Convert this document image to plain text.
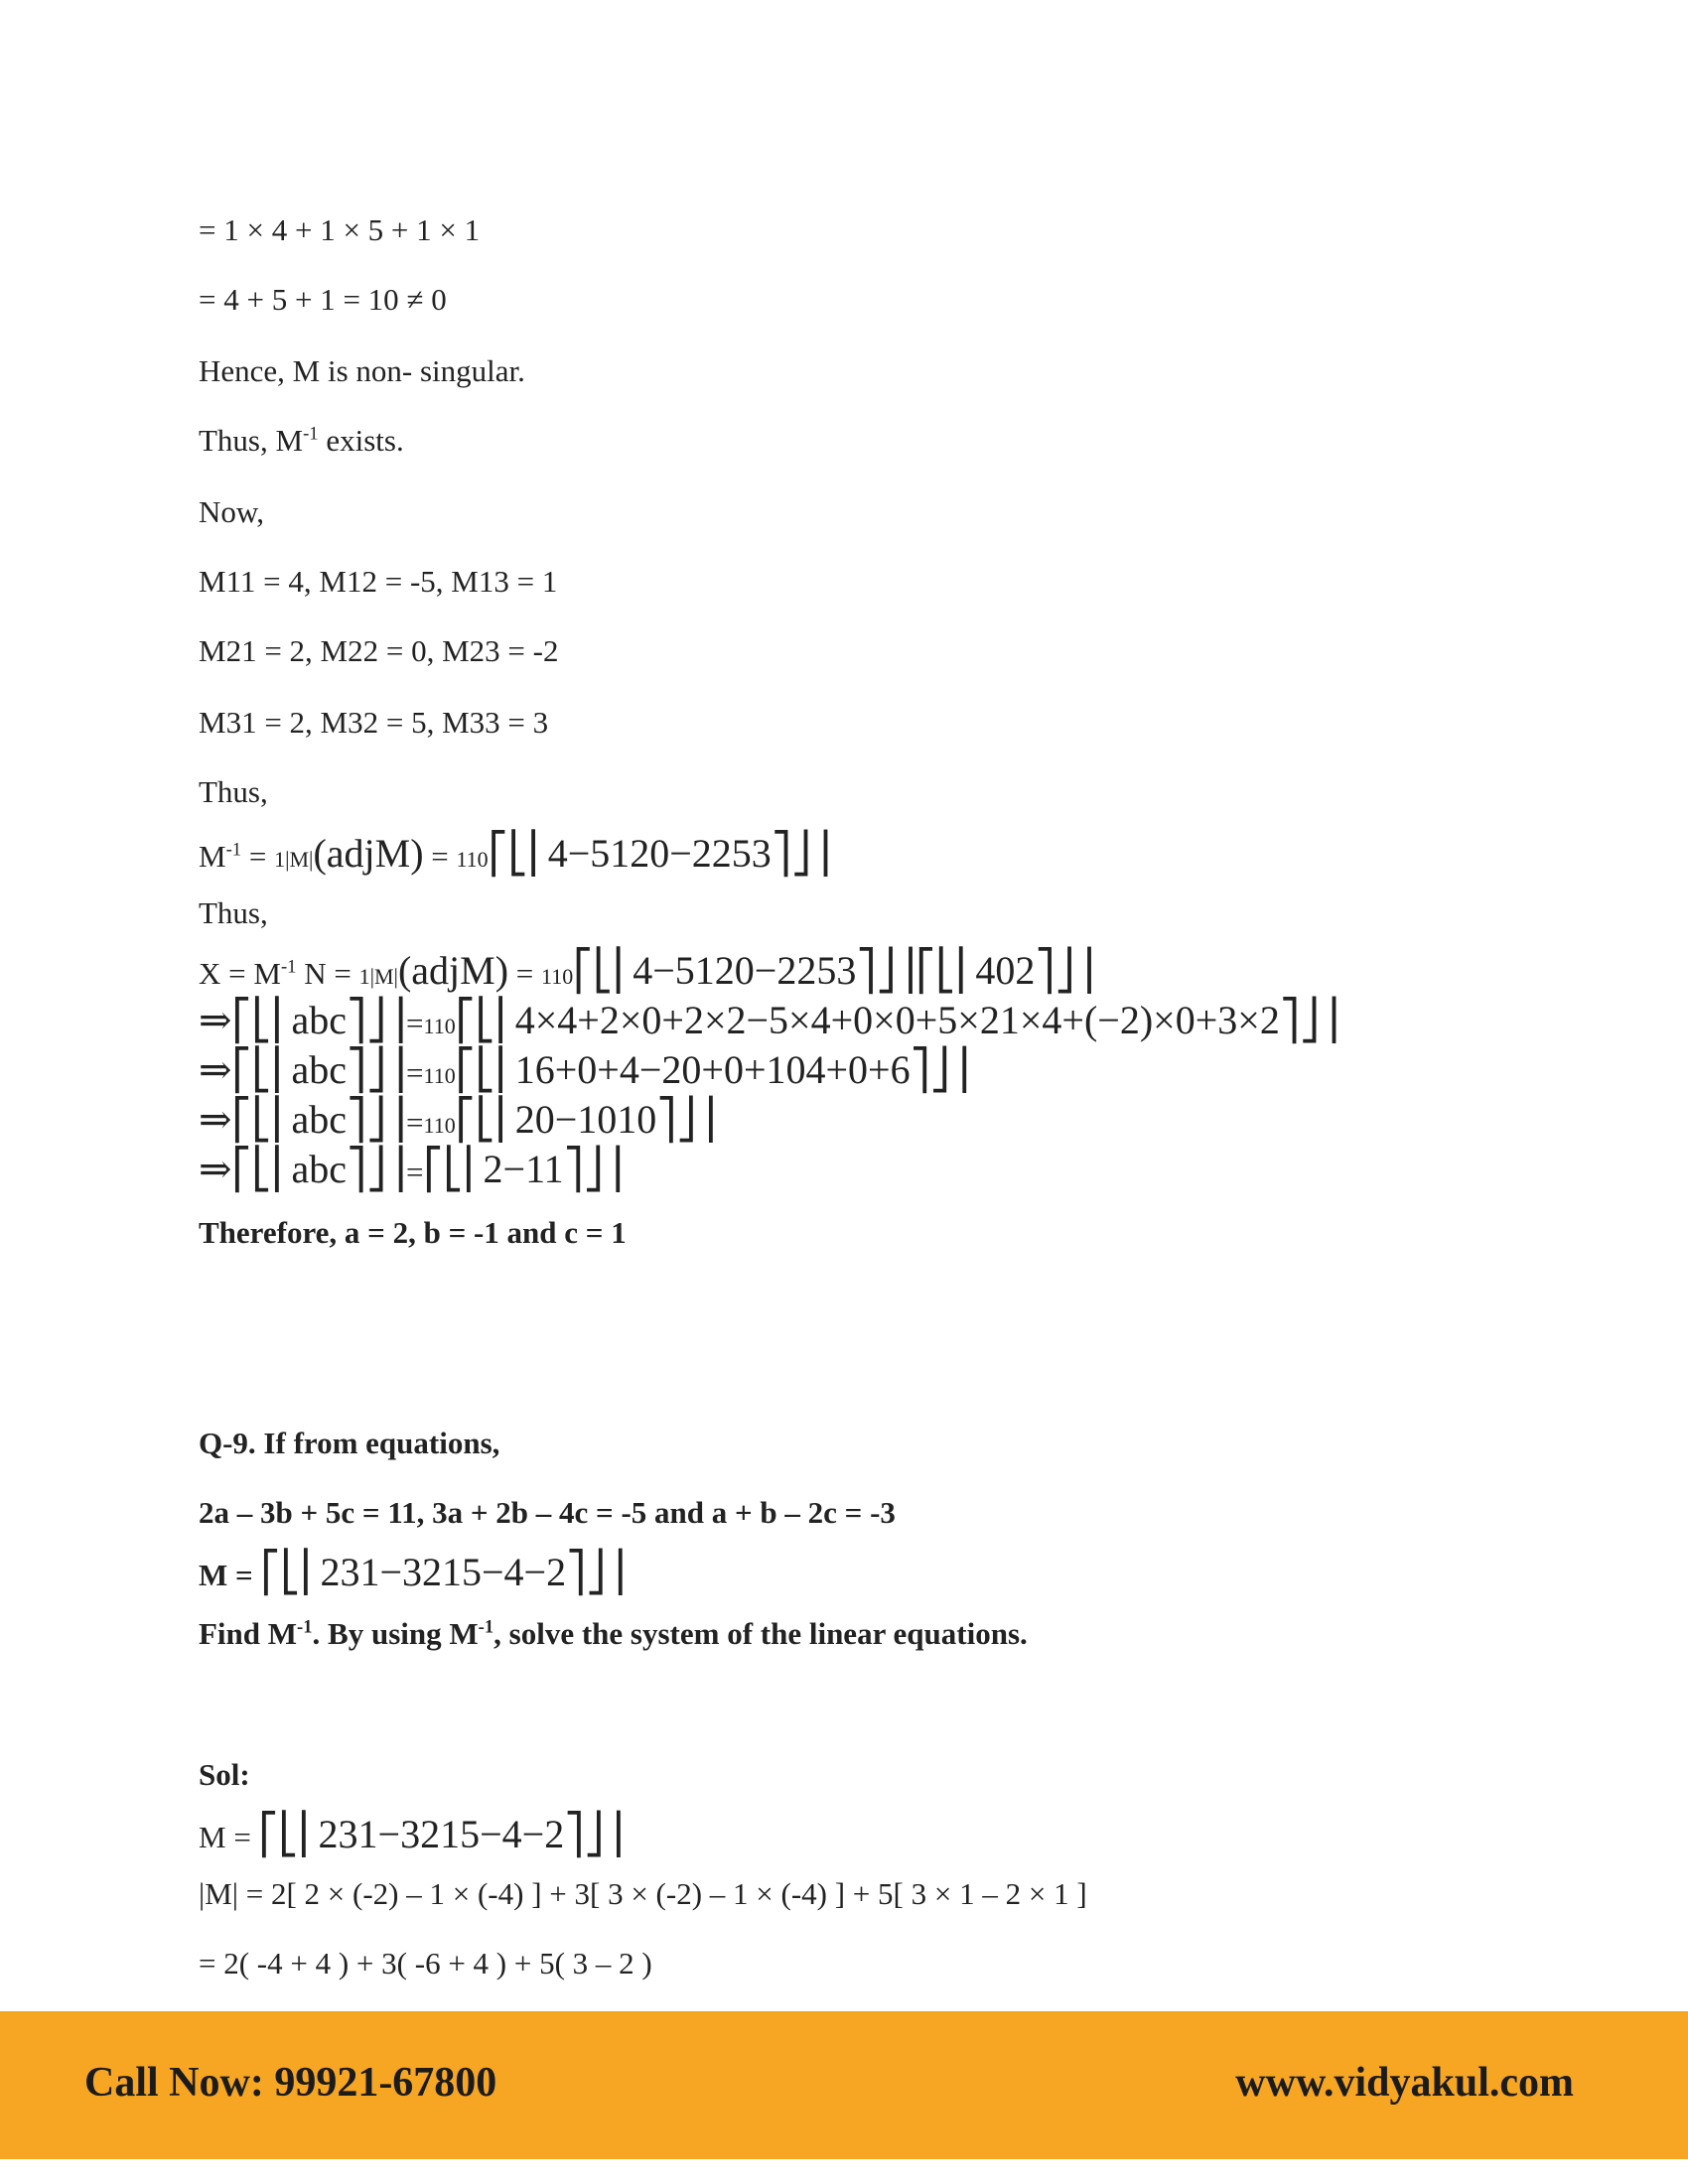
= 1 × 4 + 1 × 5 + 1 × 1
= 4 + 5 + 1 = 10 ≠ 0
Hence, M is non- singular.
Thus, $M^{-1}$ exists.
Now,
M11 = 4, M12 = -5, M13 = 1
M21 = 2, M22 = 0, M23 = -2
M31 = 2, M32 = 5, M33 = 3
Thus,
$M^{-1}$ = 1|M|(adjM) = 110⎡⎣⎢4−5120−2253⎤⎦⎥
Thus,
$X = M^{-1}$ N = 1|M|(adjM) = 110⎡⎣⎢4−5120−2253⎤⎦⎥⎡⎣⎢402⎤⎦⎥
⇒⎡⎣⎢abc⎤⎦⎥=110⎡⎣⎢4×4+2×0+2×2−5×4+0×0+5×21×4+(−2)×0+3×2⎤⎦⎥
⇒⎡⎣⎢abc⎤⎦⎥=110⎡⎣⎢16+0+4−20+0+104+0+6⎤⎦⎥
⇒⎡⎣⎢abc⎤⎦⎥=110⎡⎣⎢20−1010⎤⎦⎥
⇒⎡⎣⎢abc⎤⎦⎥=⎡⎣⎢2−11⎤⎦⎥
Therefore, a = 2, b = -1 and c = 1
Q-9. If from equations,
2a – 3b + 5c = 11, 3a + 2b – 4c = -5 and a + b – 2c = -3
M = ⎡⎣⎢231−3215−4−2⎤⎦⎥
Find $M^{-1}$. By using $M^{-1}$, solve the system of the linear equations.
Sol:
M = ⎡⎣⎢231−3215−4−2⎤⎦⎥
|M| = 2[ 2 × (-2) – 1 × (-4) ] + 3[ 3 × (-2) – 1 × (-4) ] + 5[ 3 × 1 – 2 × 1 ]
= 2( -4 + 4 ) + 3( -6 + 4 ) + 5( 3 – 2 )
Call Now: 99921-67800	www.vidyakul.com
